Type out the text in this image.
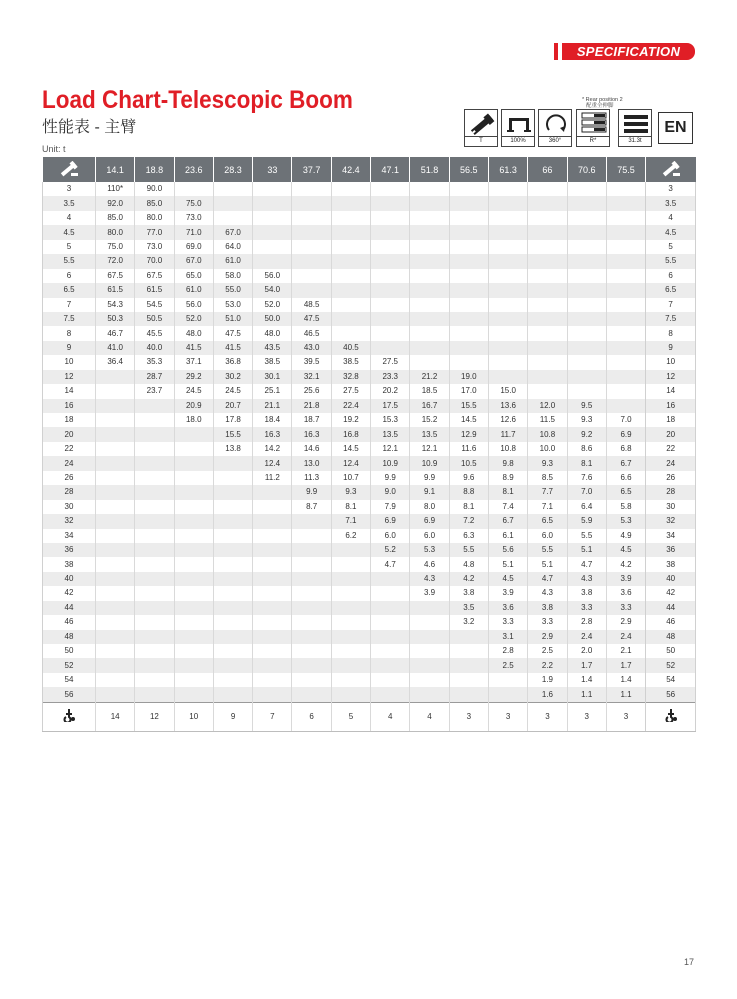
SPECIFICATION
Load Chart-Telescopic Boom
性能表 - 主臂
Unit: t
* Rear position 2
配重全伸脚
T	100%	360°	R*	31.3t
EN
	14.1	18.8	23.6	28.3	33	37.7	42.4	47.1	51.8	56.5	61.3	66	70.6	75.5	
3	110*	90.0													3
3.5	92.0	85.0	75.0												3.5
4	85.0	80.0	73.0												4
4.5	80.0	77.0	71.0	67.0											4.5
5	75.0	73.0	69.0	64.0											5
5.5	72.0	70.0	67.0	61.0											5.5
6	67.5	67.5	65.0	58.0	56.0										6
6.5	61.5	61.5	61.0	55.0	54.0										6.5
7	54.3	54.5	56.0	53.0	52.0	48.5									7
7.5	50.3	50.5	52.0	51.0	50.0	47.5									7.5
8	46.7	45.5	48.0	47.5	48.0	46.5									8
9	41.0	40.0	41.5	41.5	43.5	43.0	40.5								9
10	36.4	35.3	37.1	36.8	38.5	39.5	38.5	27.5							10
12		28.7	29.2	30.2	30.1	32.1	32.8	23.3	21.2	19.0					12
14		23.7	24.5	24.5	25.1	25.6	27.5	20.2	18.5	17.0	15.0				14
16			20.9	20.7	21.1	21.8	22.4	17.5	16.7	15.5	13.6	12.0	9.5		16
18			18.0	17.8	18.4	18.7	19.2	15.3	15.2	14.5	12.6	11.5	9.3	7.0	18
20				15.5	16.3	16.3	16.8	13.5	13.5	12.9	11.7	10.8	9.2	6.9	20
22				13.8	14.2	14.6	14.5	12.1	12.1	11.6	10.8	10.0	8.6	6.8	22
24					12.4	13.0	12.4	10.9	10.9	10.5	9.8	9.3	8.1	6.7	24
26					11.2	11.3	10.7	9.9	9.9	9.6	8.9	8.5	7.6	6.6	26
28						9.9	9.3	9.0	9.1	8.8	8.1	7.7	7.0	6.5	28
30						8.7	8.1	7.9	8.0	8.1	7.4	7.1	6.4	5.8	30
32							7.1	6.9	6.9	7.2	6.7	6.5	5.9	5.3	32
34							6.2	6.0	6.0	6.3	6.1	6.0	5.5	4.9	34
36								5.2	5.3	5.5	5.6	5.5	5.1	4.5	36
38								4.7	4.6	4.8	5.1	5.1	4.7	4.2	38
40									4.3	4.2	4.5	4.7	4.3	3.9	40
42									3.9	3.8	3.9	4.3	3.8	3.6	42
44										3.5	3.6	3.8	3.3	3.3	44
46										3.2	3.3	3.3	2.8	2.9	46
48											3.1	2.9	2.4	2.4	48
50											2.8	2.5	2.0	2.1	50
52											2.5	2.2	1.7	1.7	52
54												1.9	1.4	1.4	54
56												1.6	1.1	1.1	56
	14	12	10	9	7	6	5	4	4	3	3	3	3	3	
17
